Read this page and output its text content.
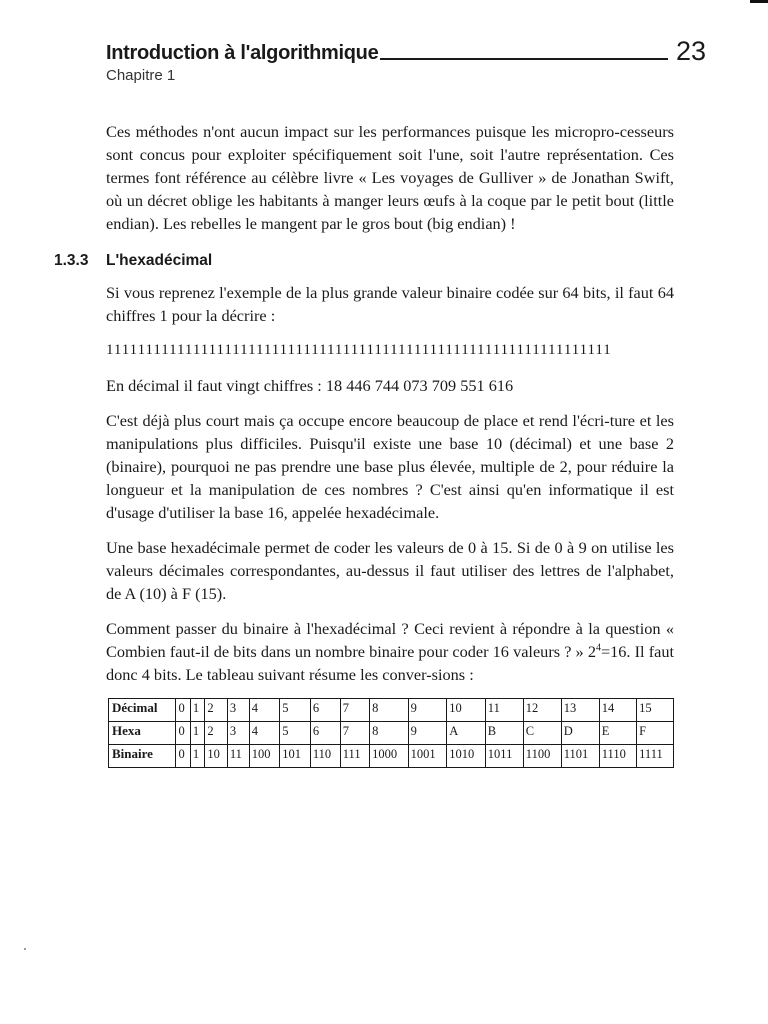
Introduction à l'algorithmique	23
Chapitre 1

Ces méthodes n'ont aucun impact sur les performances puisque les micropro-cesseurs sont concus pour exploiter spécifiquement soit l'une, soit l'autre représentation. Ces termes font référence au célèbre livre « Les voyages de Gulliver » de Jonathan Swift, où un décret oblige les habitants à manger leurs œufs à la coque par le petit bout (little endian). Les rebelles le mangent par le gros bout (big endian) !

1.3.3 L'hexadécimal

Si vous reprenez l'exemple de la plus grande valeur binaire codée sur 64 bits, il faut 64 chiffres 1 pour la décrire :

1111111111111111111111111111111111111111111111111111111111111111

En décimal il faut vingt chiffres : 18 446 744 073 709 551 616

C'est déjà plus court mais ça occupe encore beaucoup de place et rend l'écri-ture et les manipulations plus difficiles. Puisqu'il existe une base 10 (décimal) et une base 2 (binaire), pourquoi ne pas prendre une base plus élevée, multiple de 2, pour réduire la longueur et la manipulation de ces nombres ? C'est ainsi qu'en informatique il est d'usage d'utiliser la base 16, appelée hexadécimale.

Une base hexadécimale permet de coder les valeurs de 0 à 15. Si de 0 à 9 on utilise les valeurs décimales correspondantes, au-dessus il faut utiliser des lettres de l'alphabet, de A (10) à F (15).

Comment passer du binaire à l'hexadécimal ? Ceci revient à répondre à la question « Combien faut-il de bits dans un nombre binaire pour coder 16 valeurs ? » $2^4=16$. Il faut donc 4 bits. Le tableau suivant résume les conver-sions :

Décimal	0	1	2	3	4	5	6	7	8	9	10	11	12	13	14	15
Hexa	0	1	2	3	4	5	6	7	8	9	A	B	C	D	E	F
Binaire	0	1	10	11	100	101	110	111	1000	1001	1010	1011	1100	1101	1110	1111
